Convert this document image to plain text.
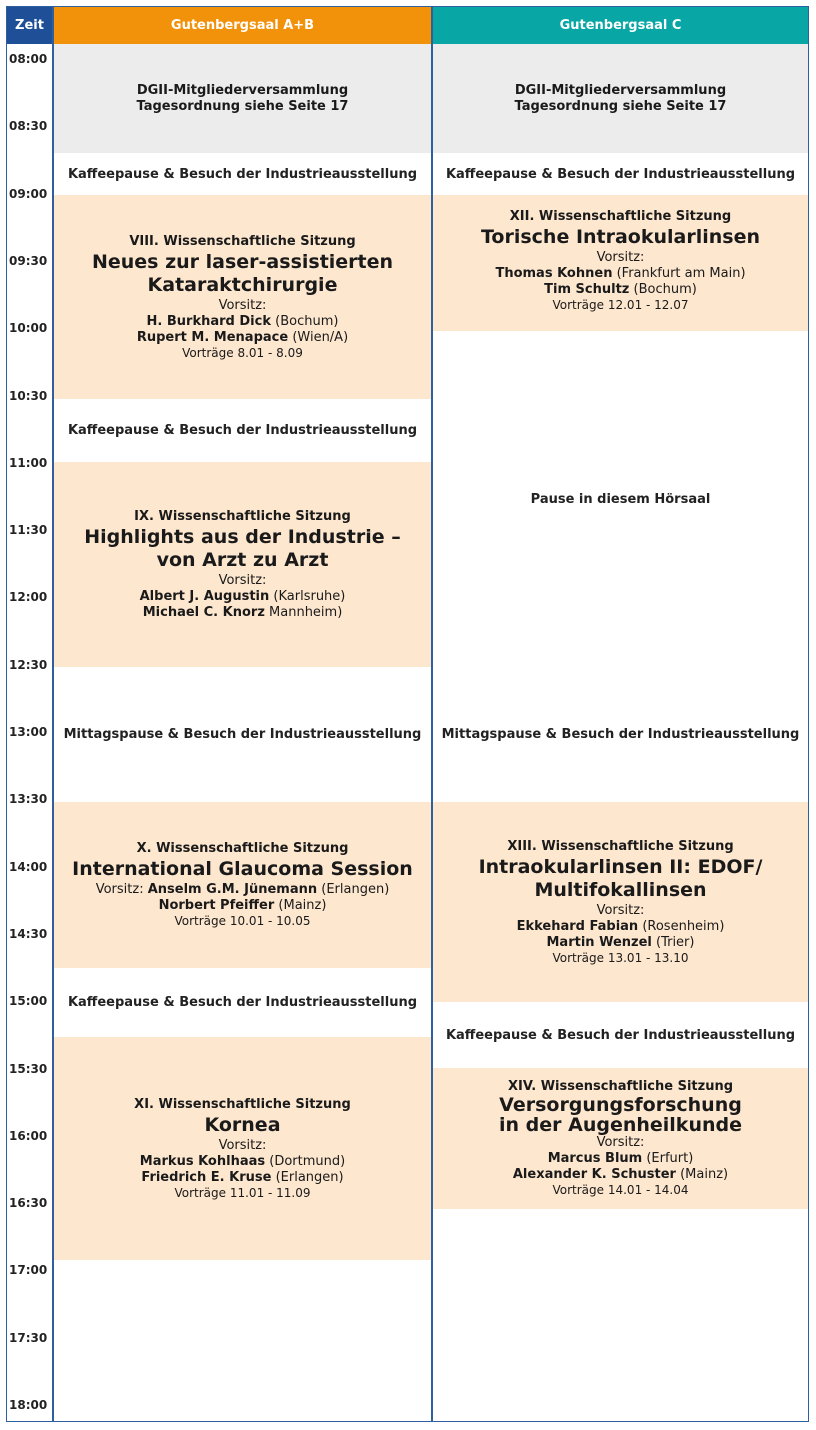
DGII-Mitgliederversammlung
Tagesordnung siehe Seite 17
DGII-Mitgliederversammlung
Tagesordnung siehe Seite 17
Kaffeepause & Besuch der Industrieausstellung
VIII. Wissenschaftliche Sitzung
Neues zur laser-assistierten
Kataraktchirurgie
Vorsitz:
H. Burkhard Dick (Bochum)
Rupert M. Menapace (Wien/A)
Vorträge 8.01 - 8.09
Kaffeepause & Besuch der Industrieausstellung
IX. Wissenschaftliche Sitzung
Highlights aus der Industrie –
von Arzt zu Arzt
Vorsitz:
Albert J. Augustin (Karlsruhe)
Michael C. Knorz Mannheim)
Mittagspause & Besuch der Industrieausstellung
X. Wissenschaftliche Sitzung
International Glaucoma Session
Vorsitz: Anselm G.M. Jünemann (Erlangen)
Norbert Pfeiffer (Mainz)
Vorträge 10.01 - 10.05
Kaffeepause & Besuch der Industrieausstellung
XI. Wissenschaftliche Sitzung
Kornea
Vorsitz:
Markus Kohlhaas (Dortmund)
Friedrich E. Kruse (Erlangen)
Vorträge 11.01 - 11.09
Kaffeepause & Besuch der Industrieausstellung
XII. Wissenschaftliche Sitzung
Torische Intraokularlinsen
Vorsitz:
Thomas Kohnen (Frankfurt am Main)
Tim Schultz (Bochum)
Vorträge 12.01 - 12.07
Pause in diesem Hörsaal
Mittagspause & Besuch der Industrieausstellung
XIII. Wissenschaftliche Sitzung
Intraokularlinsen II: EDOF/
Multifokallinsen
Vorsitz:
Ekkehard Fabian (Rosenheim)
Martin Wenzel (Trier)
Vorträge 13.01 - 13.10
Kaffeepause & Besuch der Industrieausstellung
XIV. Wissenschaftliche Sitzung
Versorgungsforschung
in der Augenheilkunde
Vorsitz:
Marcus Blum (Erfurt)
Alexander K. Schuster (Mainz)
Vorträge 14.01 - 14.04
Zeit	Gutenbergsaal A+B	Gutenbergsaal C
08:00
08:30
09:00
09:30
10:00
10:30
11:00
11:30
12:00
12:30
13:00
13:30
14:00
14:30
15:00
15:30
16:00
16:30
17:00
17:30
18:00
